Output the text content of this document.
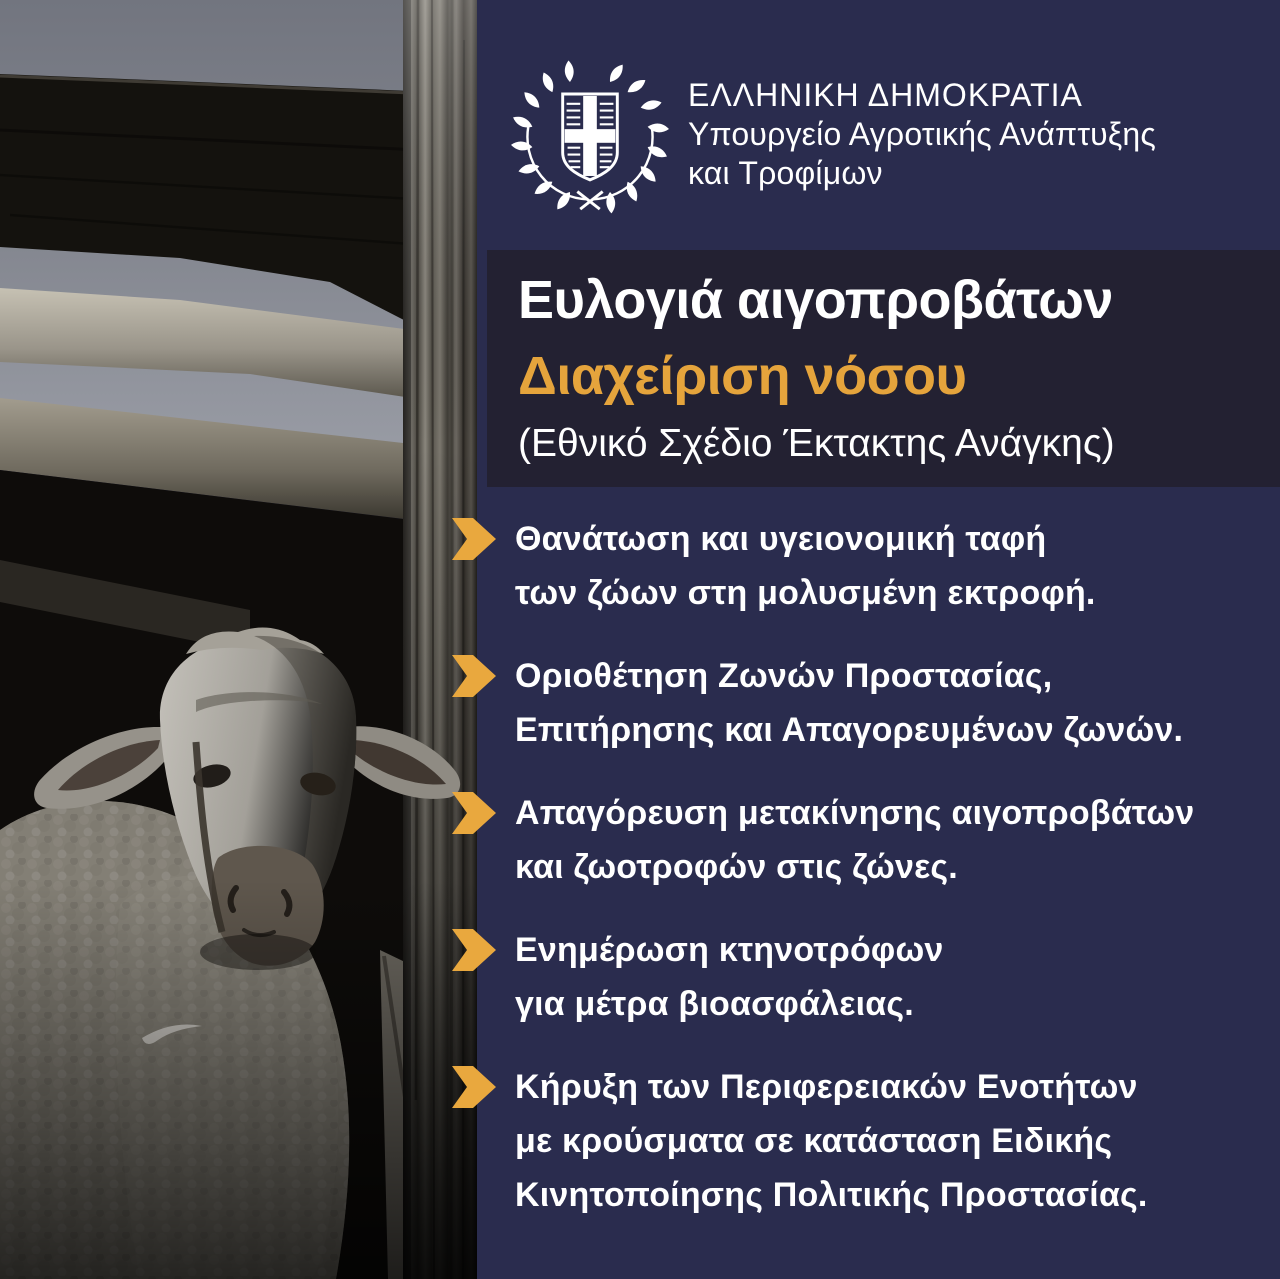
ΕΛΛΗΝΙΚΗ ΔΗΜΟΚΡΑΤΙΑ
Υπουργείο Αγροτικής Ανάπτυξης
και Τροφίμων
Ευλογιά αιγοπροβάτων
Διαχείριση νόσου
(Εθνικό Σχέδιο Έκτακτης Ανάγκης)
Θανάτωση και υγειονομική ταφή
των ζώων στη μολυσμένη εκτροφή.
Οριοθέτηση Ζωνών Προστασίας,
Επιτήρησης και Απαγορευμένων ζωνών.
Απαγόρευση μετακίνησης αιγοπροβάτων
και ζωοτροφών στις ζώνες.
Ενημέρωση κτηνοτρόφων
για μέτρα βιοασφάλειας.
Κήρυξη των Περιφερειακών Ενοτήτων
με κρούσματα σε κατάσταση Ειδικής
Κινητοποίησης Πολιτικής Προστασίας.
